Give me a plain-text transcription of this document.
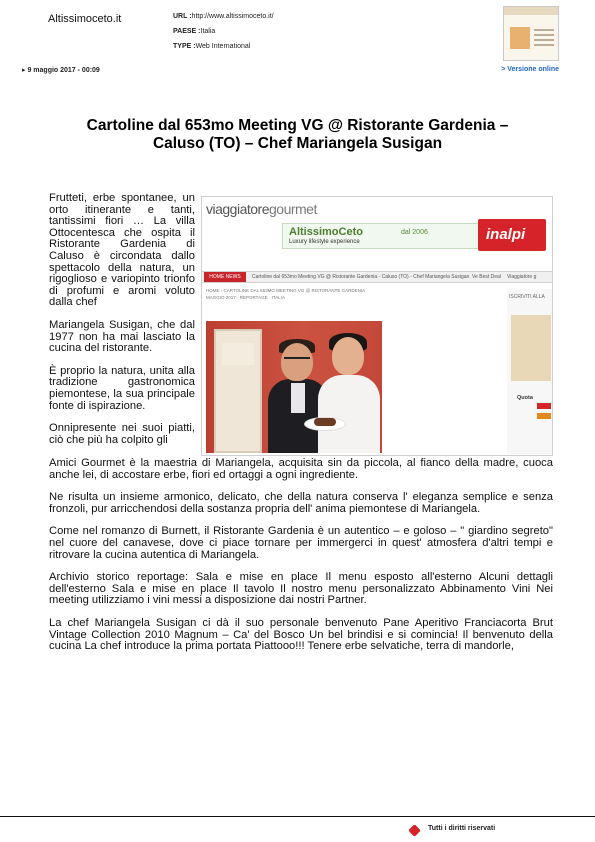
Altissimoceto.it	URL :http://www.altissimoceto.it/
PAESE :Italia
TYPE :Web International
▸ 9 maggio 2017 - 00:09	> Versione online
Cartoline dal 653mo Meeting VG @ Ristorante Gardenia –
Caluso (TO) – Chef Mariangela Susigan

Frutteti, erbe spontanee, un orto itinerante e tanti, tantissimi fiori … La villa Ottocentesca che ospita il Ristorante Gardenia di Caluso è circondata dallo spettacolo della natura, un rigoglioso e variopinto trionfo di profumi e aromi voluto dalla chef

Mariangela Susigan, che dal 1977 non ha mai lasciato la cucina del ristorante.

È proprio la natura, unita alla tradizione gastronomica piemontese, la sua principale fonte di ispirazione.

Onnipresente nei suoi piatti, ciò che più ha colpito gli

viaggiatoregourmet
AltissimoCeto
Luxury lifestyle experience
dal 2006	inalpi
HOME NEWS	Cartoline dal 653mo Meeting VG @ Ristorante Gardenia - Caluso (TO) - Chef Mariangela Susigan Ve Best Deal Viaggiatore g
HOME › CARTOLINE DAL 653MO MEETING VG @ RISTORANTE GARDENIA
MAGGIO 2017 · REPORTAGE · ITALIA	ISCRIVITI ALLA
Quota

Amici Gourmet è la maestria di Mariangela, acquisita sin da piccola, al fianco della madre, cuoca anche lei, di accostare erbe, fiori ed ortaggi a ogni ingrediente.

Ne risulta un insieme armonico, delicato, che della natura conserva l' eleganza semplice e senza fronzoli, pur arricchendosi della sostanza propria dell' anima piemontese di Mariangela.

Come nel romanzo di Burnett, il Ristorante Gardenia è un autentico – e goloso – " giardino segreto" nel cuore del canavese, dove ci piace tornare per immergerci in quest' atmosfera d'altri tempi e ritrovare la cucina autentica di Mariangela.

Archivio storico reportage: Sala e mise en place Il menu esposto all'esterno Alcuni dettagli dell'esterno Sala e mise en place Il tavolo Il nostro menu personalizzato Abbinamento Vini Nei meeting utilizziamo i vini messi a disposizione dai nostri Partner.

La chef Mariangela Susigan ci dà il suo personale benvenuto Pane Aperitivo Franciacorta Brut Vintage Collection 2010 Magnum – Ca' del Bosco Un bel brindisi e si comincia! Il benvenuto della cucina La chef introduce la prima portata Piattooo!!! Tenere erbe selvatiche, terra di mandorle,

Tutti i diritti riservati
